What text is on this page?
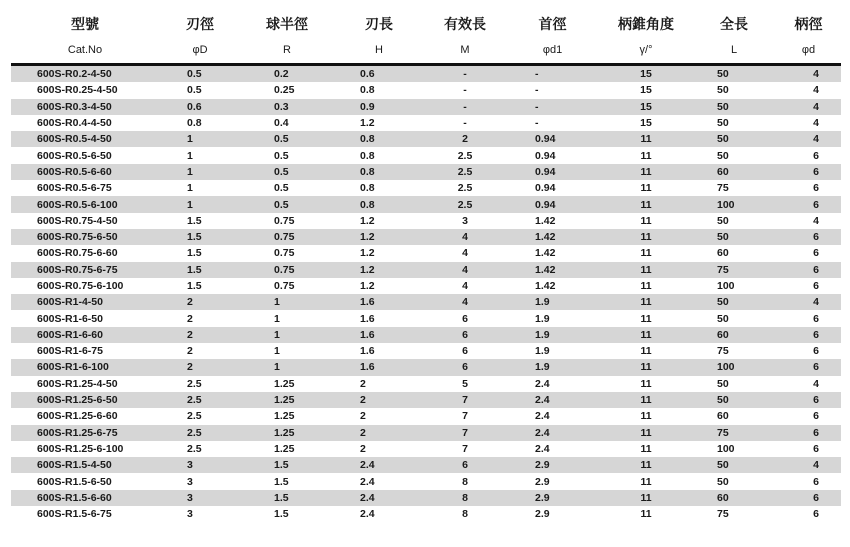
型號	刃徑	球半徑	刃長	有效長	首徑	柄錐角度	全長	柄徑
Cat.No	φD	R	H	M	φd1	γ/°	L	φd
600S-R0.2-4-50	0.5	0.2	0.6	-	-	15	50	4
600S-R0.25-4-50	0.5	0.25	0.8	-	-	15	50	4
600S-R0.3-4-50	0.6	0.3	0.9	-	-	15	50	4
600S-R0.4-4-50	0.8	0.4	1.2	-	-	15	50	4
600S-R0.5-4-50	1	0.5	0.8	2	0.94	11	50	4
600S-R0.5-6-50	1	0.5	0.8	2.5	0.94	11	50	6
600S-R0.5-6-60	1	0.5	0.8	2.5	0.94	11	60	6
600S-R0.5-6-75	1	0.5	0.8	2.5	0.94	11	75	6
600S-R0.5-6-100	1	0.5	0.8	2.5	0.94	11	100	6
600S-R0.75-4-50	1.5	0.75	1.2	3	1.42	11	50	4
600S-R0.75-6-50	1.5	0.75	1.2	4	1.42	11	50	6
600S-R0.75-6-60	1.5	0.75	1.2	4	1.42	11	60	6
600S-R0.75-6-75	1.5	0.75	1.2	4	1.42	11	75	6
600S-R0.75-6-100	1.5	0.75	1.2	4	1.42	11	100	6
600S-R1-4-50	2	1	1.6	4	1.9	11	50	4
600S-R1-6-50	2	1	1.6	6	1.9	11	50	6
600S-R1-6-60	2	1	1.6	6	1.9	11	60	6
600S-R1-6-75	2	1	1.6	6	1.9	11	75	6
600S-R1-6-100	2	1	1.6	6	1.9	11	100	6
600S-R1.25-4-50	2.5	1.25	2	5	2.4	11	50	4
600S-R1.25-6-50	2.5	1.25	2	7	2.4	11	50	6
600S-R1.25-6-60	2.5	1.25	2	7	2.4	11	60	6
600S-R1.25-6-75	2.5	1.25	2	7	2.4	11	75	6
600S-R1.25-6-100	2.5	1.25	2	7	2.4	11	100	6
600S-R1.5-4-50	3	1.5	2.4	6	2.9	11	50	4
600S-R1.5-6-50	3	1.5	2.4	8	2.9	11	50	6
600S-R1.5-6-60	3	1.5	2.4	8	2.9	11	60	6
600S-R1.5-6-75	3	1.5	2.4	8	2.9	11	75	6
